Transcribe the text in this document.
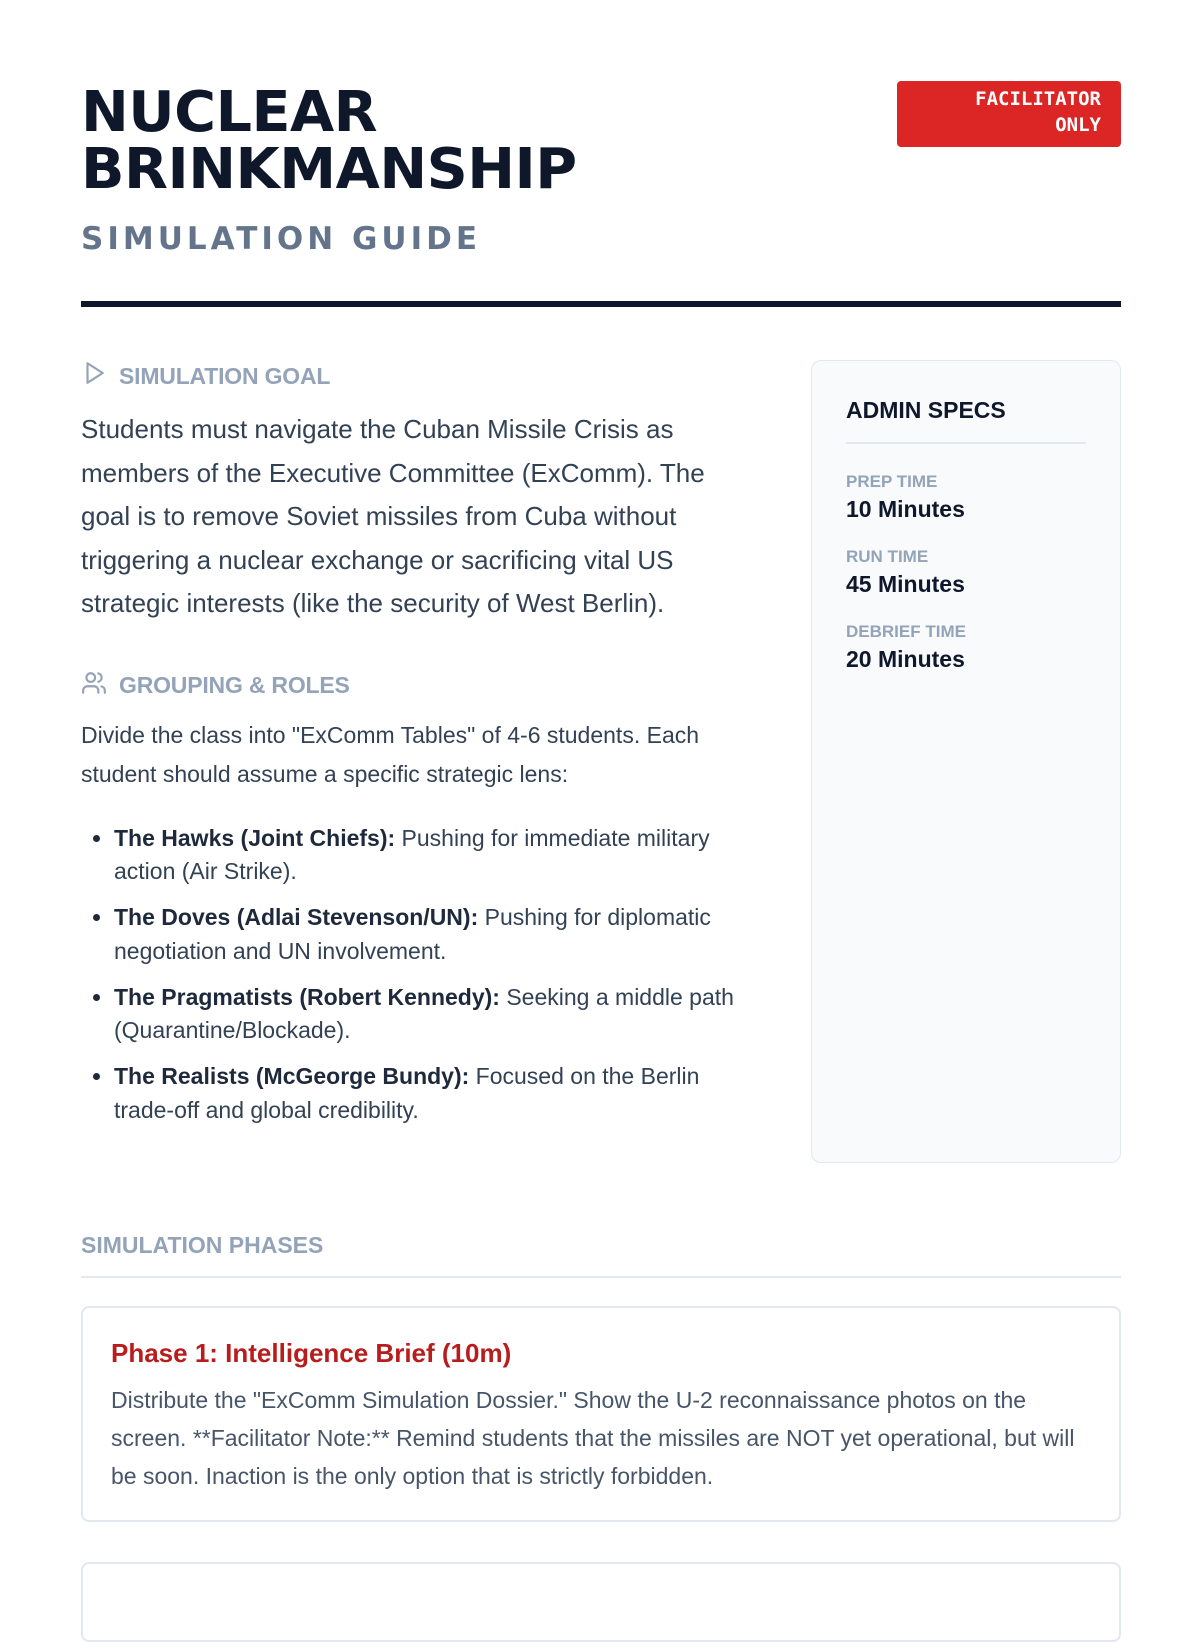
NUCLEAR
BRINKMANSHIP
SIMULATION GUIDE
FACILITATOR
ONLY
SIMULATION GOAL

Students must navigate the Cuban Missile Crisis as members of the Executive Committee (ExComm). The goal is to remove Soviet missiles from Cuba without triggering a nuclear exchange or sacrificing vital US strategic interests (like the security of West Berlin).

GROUPING & ROLES

Divide the class into "ExComm Tables" of 4-6 students. Each student should assume a specific strategic lens:

• The Hawks (Joint Chiefs): Pushing for immediate military action (Air Strike).
• The Doves (Adlai Stevenson/UN): Pushing for diplomatic negotiation and UN involvement.
• The Pragmatists (Robert Kennedy): Seeking a middle path (Quarantine/Blockade).
• The Realists (McGeorge Bundy): Focused on the Berlin trade-off and global credibility.
ADMIN SPECS
PREP TIME
10 Minutes
RUN TIME
45 Minutes
DEBRIEF TIME
20 Minutes
SIMULATION PHASES
Phase 1: Intelligence Brief (10m)

Distribute the "ExComm Simulation Dossier." Show the U-2 reconnaissance photos on the screen. **Facilitator Note:** Remind students that the missiles are NOT yet operational, but will be soon. Inaction is the only option that is strictly forbidden.
